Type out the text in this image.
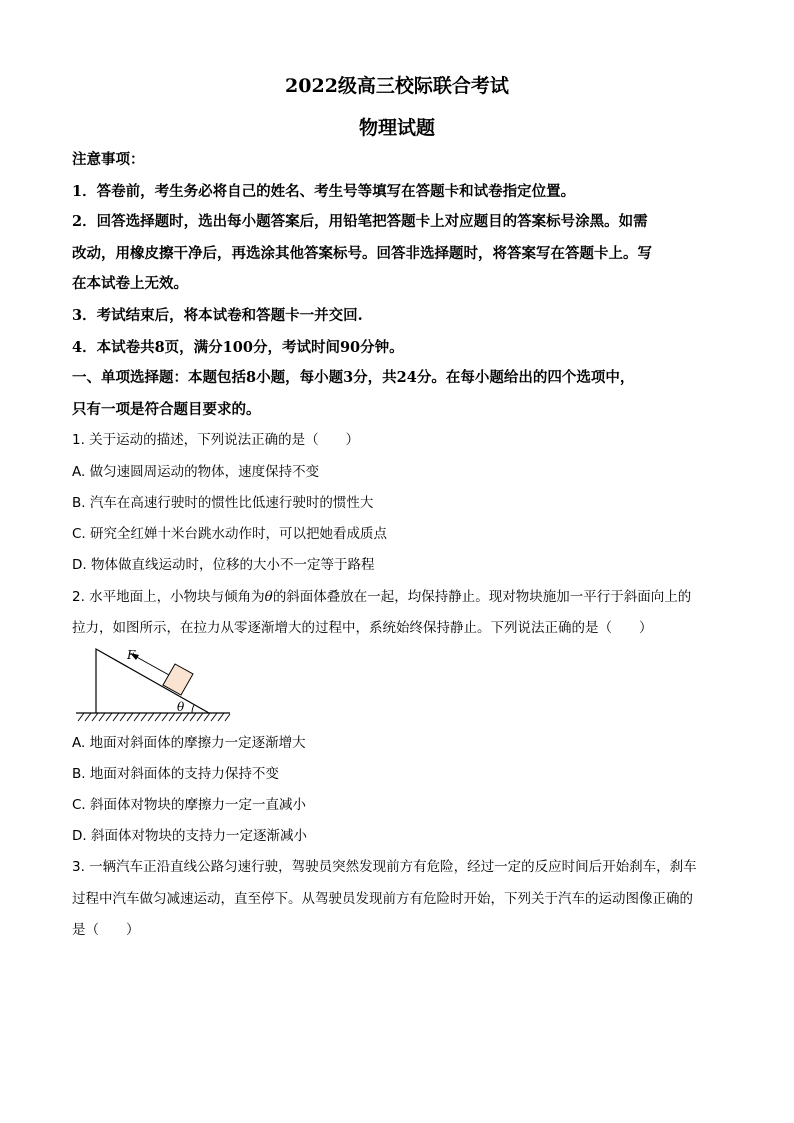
2022级高三校际联合考试
物理试题
注意事项：
1．答卷前，考生务必将自己的姓名、考生号等填写在答题卡和试卷指定位置。
2．回答选择题时，选出每小题答案后，用铅笔把答题卡上对应题目的答案标号涂黑。如需
改动，用橡皮擦干净后，再选涂其他答案标号。回答非选择题时，将答案写在答题卡上。写
在本试卷上无效。
3．考试结束后，将本试卷和答题卡一并交回.
4．本试卷共8页，满分100分，考试时间90分钟。
一、单项选择题：本题包括8小题，每小题3分，共24分。在每小题给出的四个选项中，
只有一项是符合题目要求的。
1. 关于运动的描述，下列说法正确的是（　　）
A. 做匀速圆周运动的物体，速度保持不变
B. 汽车在高速行驶时的惯性比低速行驶时的惯性大
C. 研究全红婵十米台跳水动作时，可以把她看成质点
D. 物体做直线运动时，位移的大小不一定等于路程
2. 水平地面上，小物块与倾角为θ的斜面体叠放在一起，均保持静止。现对物块施加一平行于斜面向上的
拉力，如图所示，在拉力从零逐渐增大的过程中，系统始终保持静止。下列说法正确的是（　　）
F
θ
A. 地面对斜面体的摩擦力一定逐渐增大
B. 地面对斜面体的支持力保持不变
C. 斜面体对物块的摩擦力一定一直减小
D. 斜面体对物块的支持力一定逐渐减小
3. 一辆汽车正沿直线公路匀速行驶，驾驶员突然发现前方有危险，经过一定的反应时间后开始刹车，刹车
过程中汽车做匀减速运动，直至停下。从驾驶员发现前方有危险时开始，下列关于汽车的运动图像正确的
是（　　）
